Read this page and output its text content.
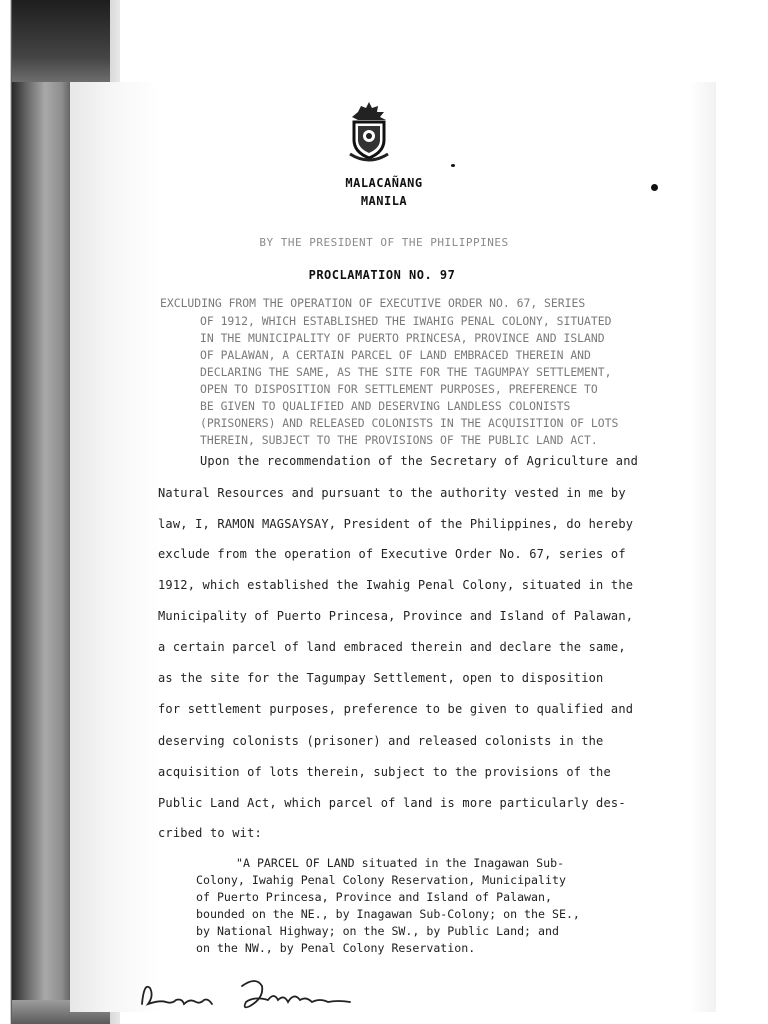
MALACAÑANG
MANILA
BY THE PRESIDENT OF THE PHILIPPINES
PROCLAMATION NO. 97
EXCLUDING FROM THE OPERATION OF EXECUTIVE ORDER NO. 67, SERIES
OF 1912, WHICH ESTABLISHED THE IWAHIG PENAL COLONY, SITUATED
IN THE MUNICIPALITY OF PUERTO PRINCESA, PROVINCE AND ISLAND
OF PALAWAN, A CERTAIN PARCEL OF LAND EMBRACED THEREIN AND
DECLARING THE SAME, AS THE SITE FOR THE TAGUMPAY SETTLEMENT,
OPEN TO DISPOSITION FOR SETTLEMENT PURPOSES, PREFERENCE TO
BE GIVEN TO QUALIFIED AND DESERVING LANDLESS COLONISTS
(PRISONERS) AND RELEASED COLONISTS IN THE ACQUISITION OF LOTS
THEREIN, SUBJECT TO THE PROVISIONS OF THE PUBLIC LAND ACT.
Upon the recommendation of the Secretary of Agriculture and
Natural Resources and pursuant to the authority vested in me by
law, I, RAMON MAGSAYSAY, President of the Philippines, do hereby
exclude from the operation of Executive Order No. 67, series of
1912, which established the Iwahig Penal Colony, situated in the
Municipality of Puerto Princesa, Province and Island of Palawan,
a certain parcel of land embraced therein and declare the same,
as the site for the Tagumpay Settlement, open to disposition
for settlement purposes, preference to be given to qualified and
deserving colonists (prisoner) and released colonists in the
acquisition of lots therein, subject to the provisions of the
Public Land Act, which parcel of land is more particularly des-
cribed to wit:
"A PARCEL OF LAND situated in the Inagawan Sub-
Colony, Iwahig Penal Colony Reservation, Municipality
of Puerto Princesa, Province and Island of Palawan,
bounded on the NE., by Inagawan Sub-Colony; on the SE.,
by National Highway; on the SW., by Public Land; and
on the NW., by Penal Colony Reservation.
